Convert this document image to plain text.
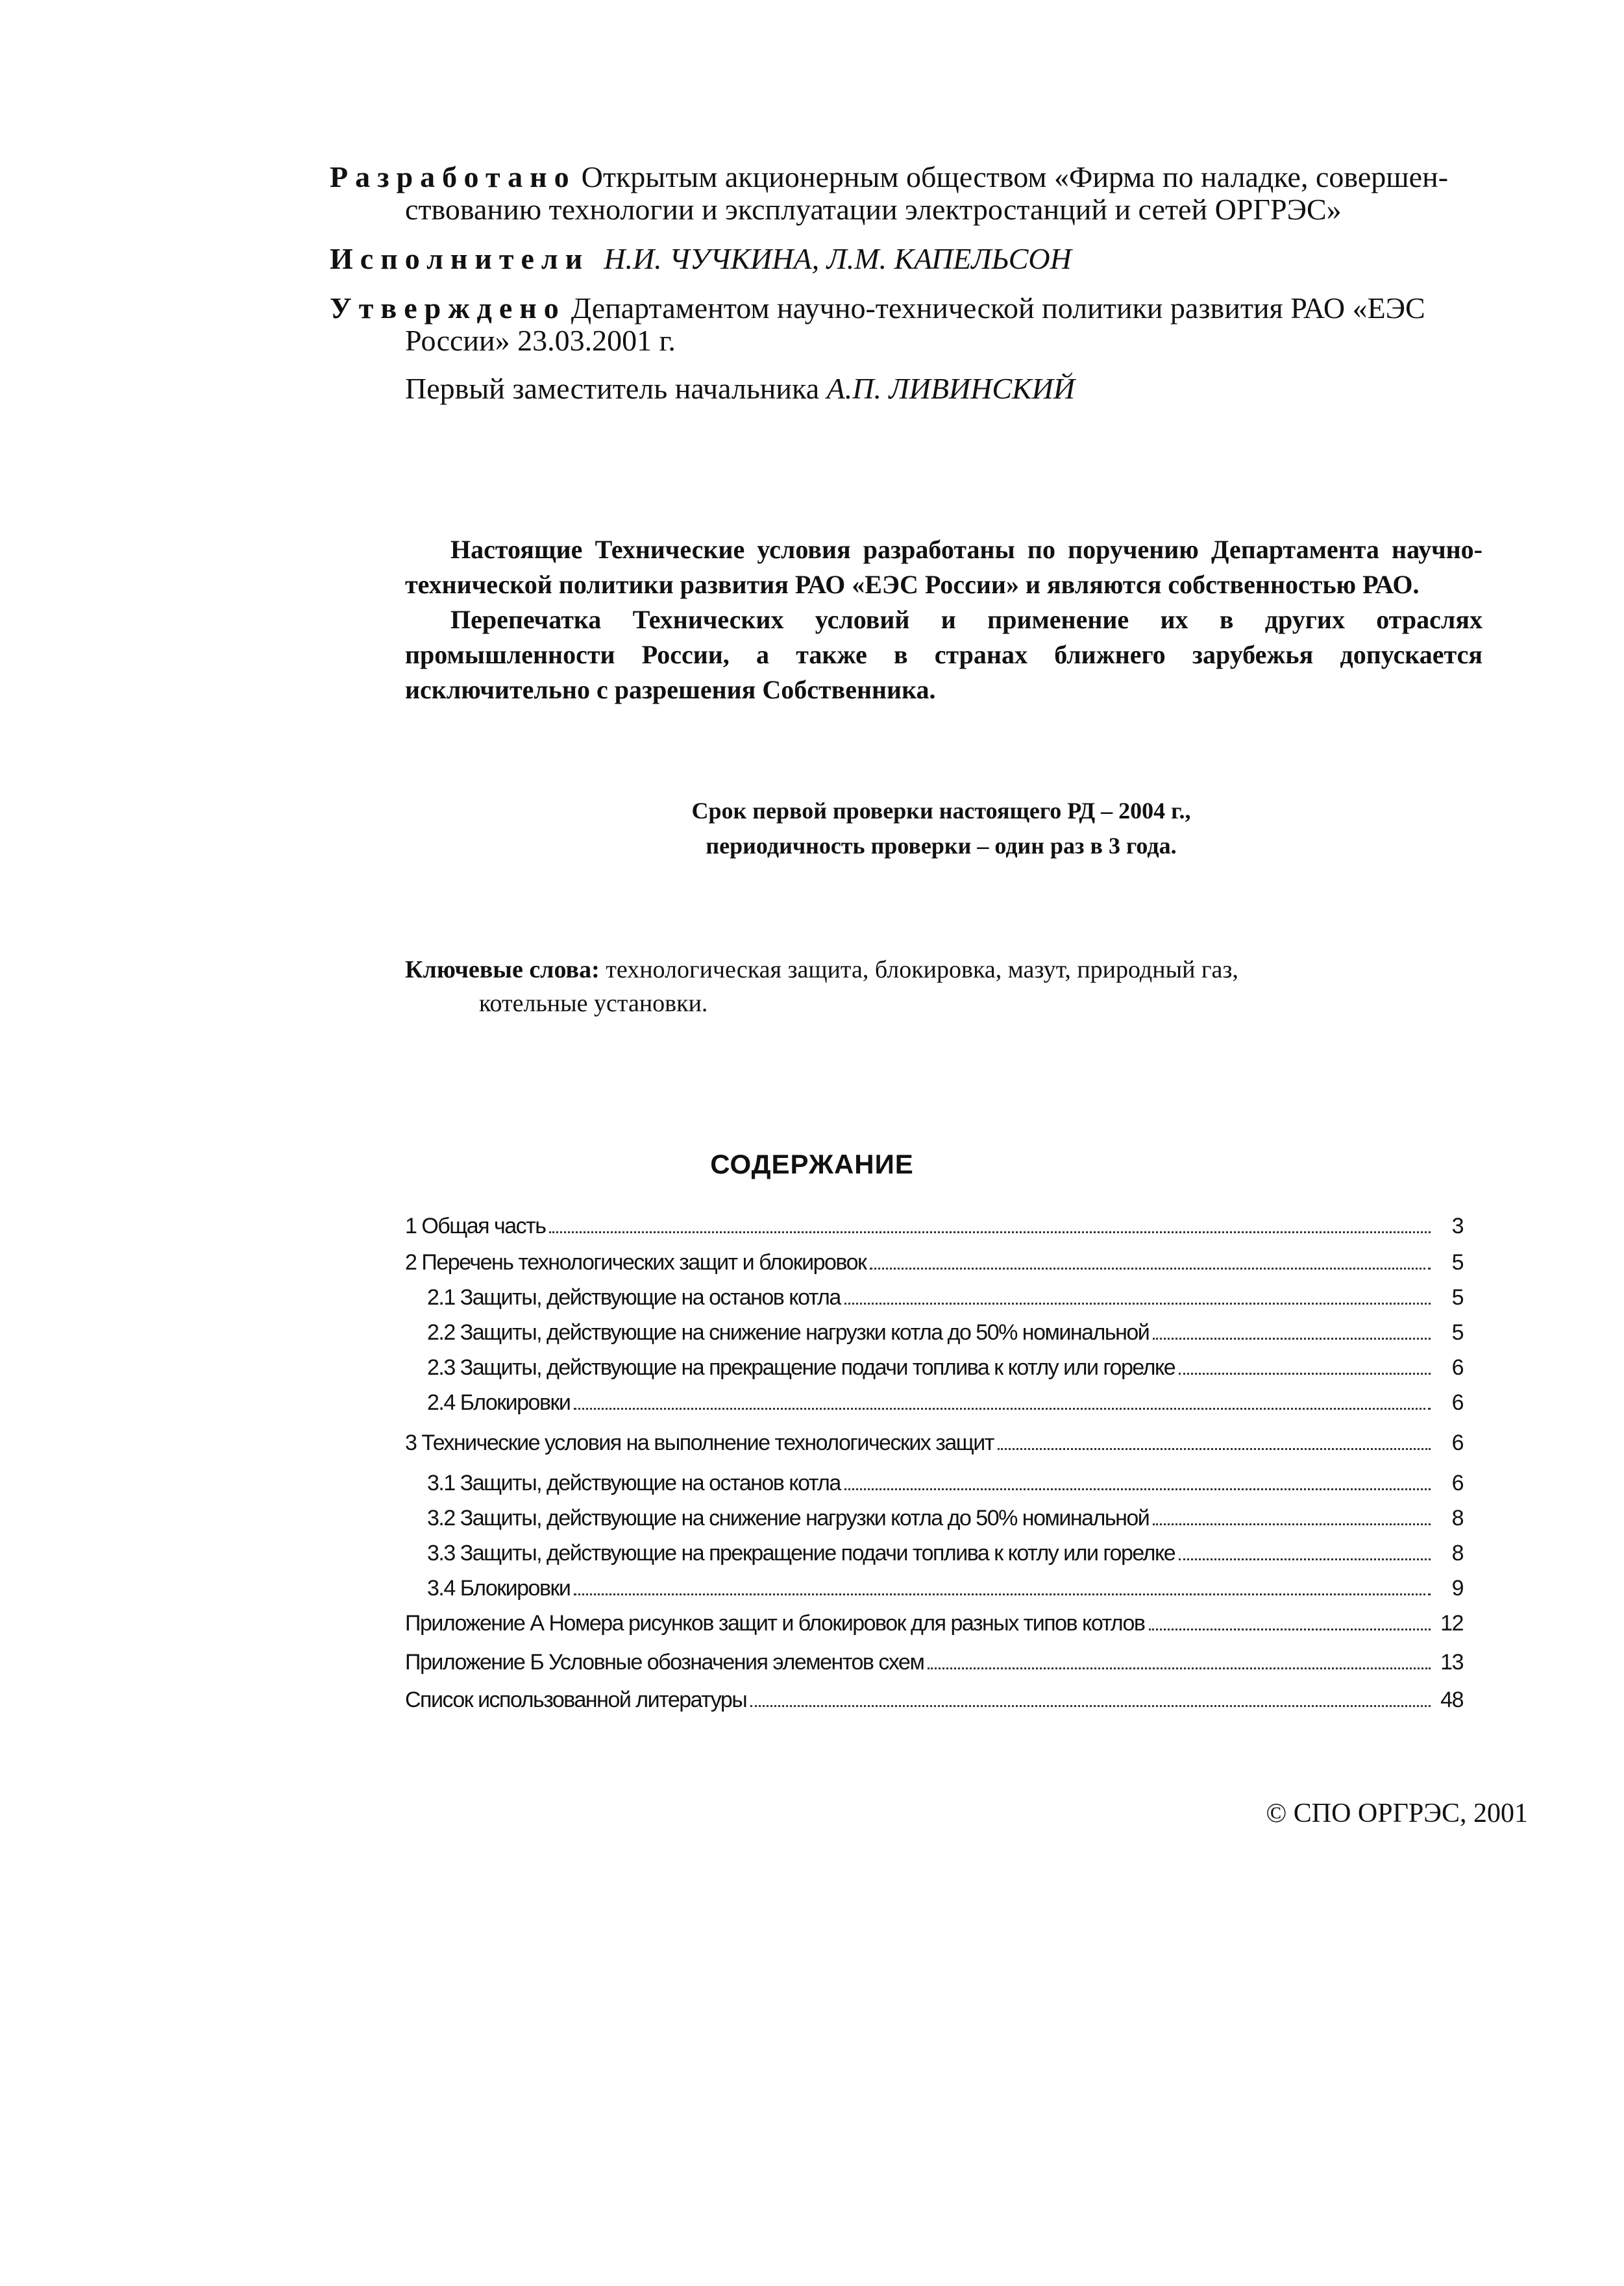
Разработано Открытым акционерным обществом «Фирма по наладке, совершен-
ствованию технологии и эксплуатации электростанций и сетей ОРГРЭС»
Исполнители Н.И. ЧУЧКИНА, Л.М. КАПЕЛЬСОН
Утверждено Департаментом научно-технической политики развития РАО «ЕЭС
России» 23.03.2001 г.
Первый заместитель начальника А.П. ЛИВИНСКИЙ

Настоящие Технические условия разработаны по поручению Департамента научно-технической политики развития РАО «ЕЭС России» и являются собственностью РАО.

Перепечатка Технических условий и применение их в других отраслях промышленности России, а также в странах ближнего зарубежья допускается исключительно с разрешения Собственника.

Срок первой проверки настоящего РД – 2004 г.,
периодичность проверки – один раз в 3 года.
Ключевые слова: технологическая защита, блокировка, мазут, природный газ,
котельные установки.
СОДЕРЖАНИЕ
1 Общая часть	3
2 Перечень технологических защит и блокировок	5
2.1 Защиты, действующие на останов котла	5
2.2 Защиты, действующие на снижение нагрузки котла до 50% номинальной	5
2.3 Защиты, действующие на прекращение подачи топлива к котлу или горелке	6
2.4 Блокировки	6
3 Технические условия на выполнение технологических защит	6
3.1 Защиты, действующие на останов котла	6
3.2 Защиты, действующие на снижение нагрузки котла до 50% номинальной	8
3.3 Защиты, действующие на прекращение подачи топлива к котлу или горелке	8
3.4 Блокировки	9
Приложение А Номера рисунков защит и блокировок для разных типов котлов	12
Приложение Б Условные обозначения элементов схем	13
Список использованной литературы	48
© СПО ОРГРЭС, 2001
